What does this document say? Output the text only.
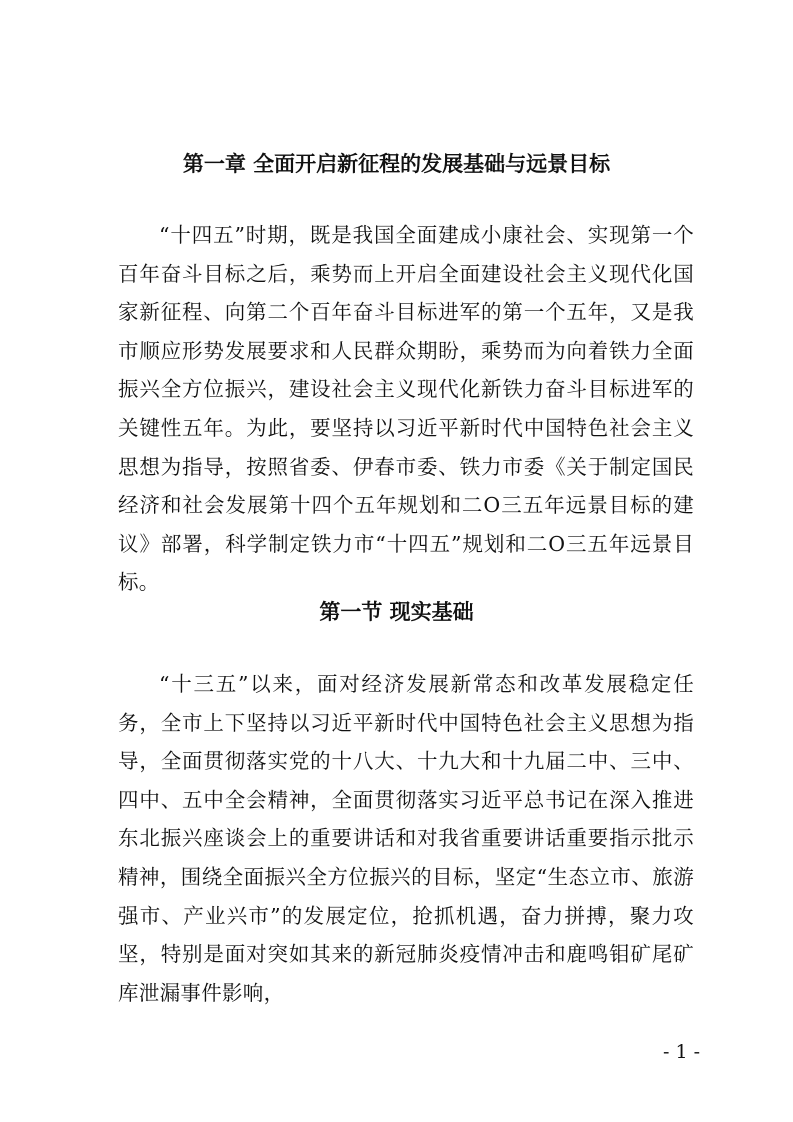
第一章 全面开启新征程的发展基础与远景目标

“十四五”时期，既是我国全面建成小康社会、实现第一个百年奋斗目标之后，乘势而上开启全面建设社会主义现代化国家新征程、向第二个百年奋斗目标进军的第一个五年，又是我市顺应形势发展要求和人民群众期盼，乘势而为向着铁力全面振兴全方位振兴，建设社会主义现代化新铁力奋斗目标进军的关键性五年。为此，要坚持以习近平新时代中国特色社会主义思想为指导，按照省委、伊春市委、铁力市委《关于制定国民经济和社会发展第十四个五年规划和二O三五年远景目标的建议》部署，科学制定铁力市“十四五”规划和二O三五年远景目标。

第一节 现实基础

“十三五”以来，面对经济发展新常态和改革发展稳定任务，全市上下坚持以习近平新时代中国特色社会主义思想为指导，全面贯彻落实党的十八大、十九大和十九届二中、三中、四中、五中全会精神，全面贯彻落实习近平总书记在深入推进东北振兴座谈会上的重要讲话和对我省重要讲话重要指示批示精神，围绕全面振兴全方位振兴的目标，坚定“生态立市、旅游强市、产业兴市”的发展定位，抢抓机遇，奋力拼搏，聚力攻坚，特别是面对突如其来的新冠肺炎疫情冲击和鹿鸣钼矿尾矿库泄漏事件影响，

- 1 -
